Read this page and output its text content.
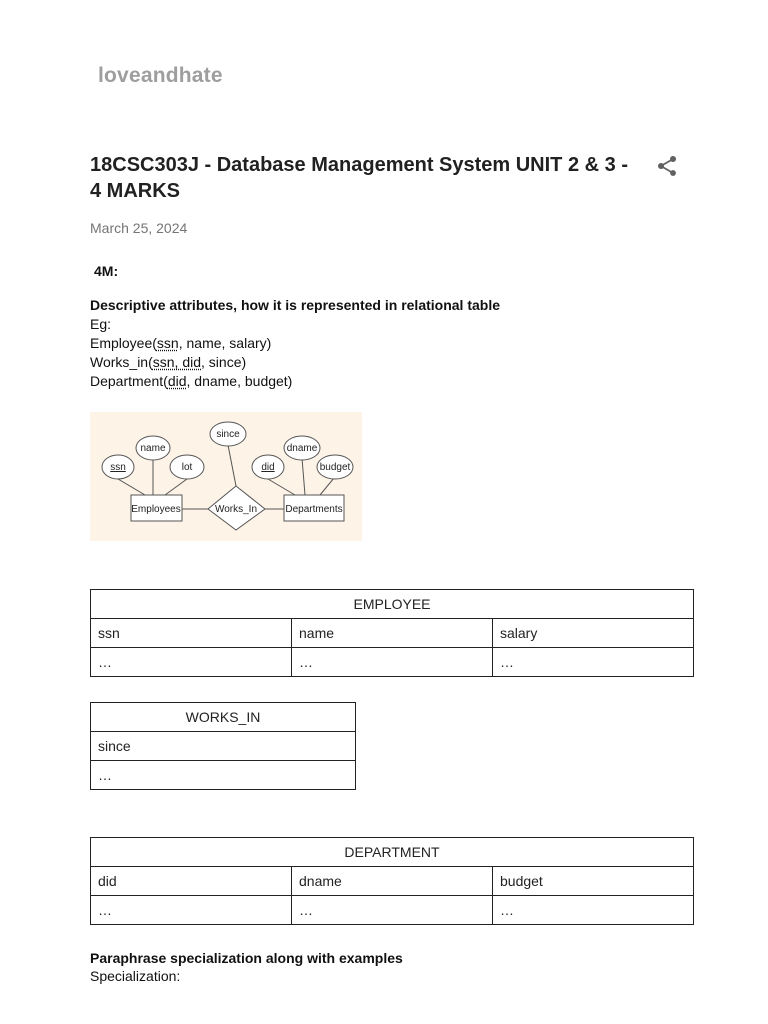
loveandhate
18CSC303J - Database Management System UNIT 2 & 3 - 4 MARKS
March 25, 2024
4M:
Descriptive attributes, how it is represented in relational table
Eg:
Employee(ssn, name, salary)
Works_in(ssn, did, since)
Department(did, dname, budget)
Employees	Departments
Works_In
ssn
name
lot
since
did
dname
budget
EMPLOYEE		
ssn	name	salary
…	…	…
WORKS_IN
since
…
DEPARTMENT		
did	dname	budget
…	…	…
Paraphrase specialization along with examples
Specialization:
